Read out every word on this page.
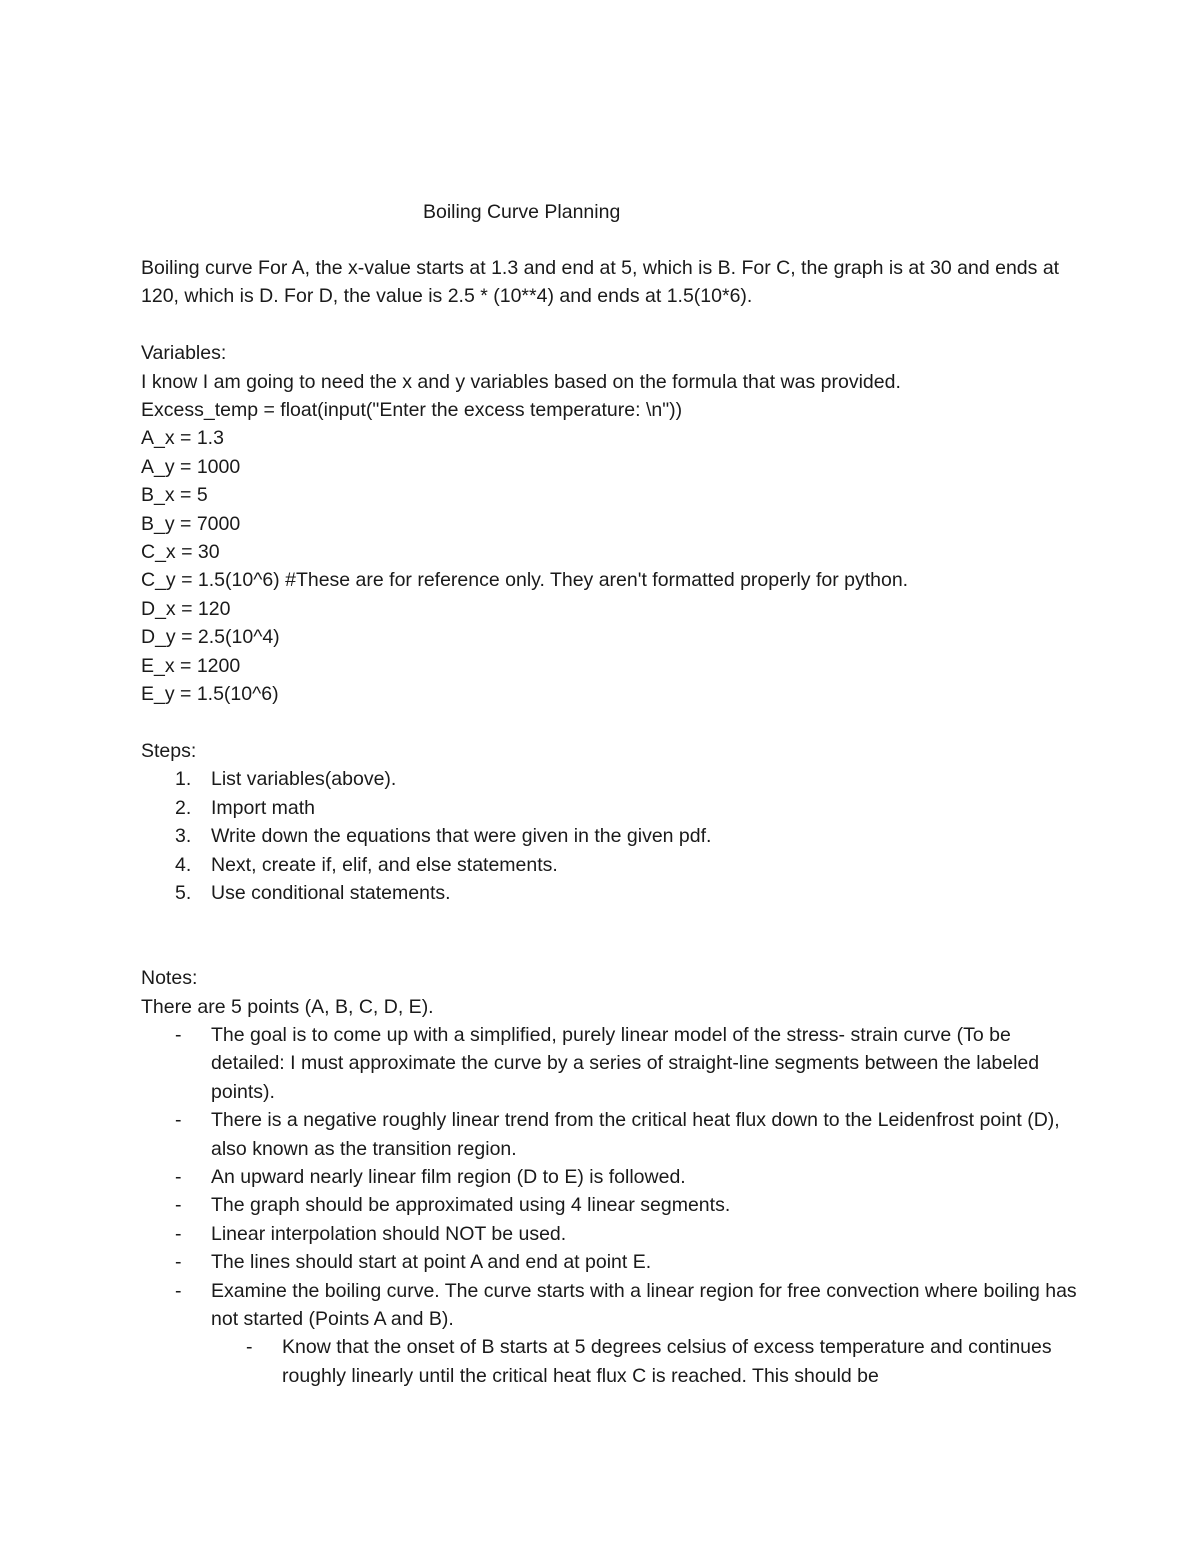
Boiling Curve Planning

Boiling curve For A, the x-value starts at 1.3 and end at 5, which is B. For C, the graph is at 30 and ends at 120, which is D. For D, the value is 2.5 * (10**4) and ends at 1.5(10*6).

Variables:

I know I am going to need the x and y variables based on the formula that was provided.
Excess_temp = float(input("Enter the excess temperature: \n"))
A_x = 1.3
A_y = 1000
B_x = 5
B_y = 7000
C_x = 30
C_y = 1.5(10^6) #These are for reference only. They aren't formatted properly for python.
D_x = 120
D_y = 2.5(10^4)
E_x = 1200
E_y = 1.5(10^6)

Steps:

1. List variables(above).
2. Import math
3. Write down the equations that were given in the given pdf.
4. Next, create if, elif, and else statements.
5. Use conditional statements.

Notes:

There are 5 points (A, B, C, D, E).

- The goal is to come up with a simplified, purely linear model of the stress- strain curve (To be detailed: I must approximate the curve by a series of straight-line segments between the labeled points).
- There is a negative roughly linear trend from the critical heat flux down to the Leidenfrost point (D), also known as the transition region.
- An upward nearly linear film region (D to E) is followed.
- The graph should be approximated using 4 linear segments.
- Linear interpolation should NOT be used.
- The lines should start at point A and end at point E.
- Examine the boiling curve. The curve starts with a linear region for free convection where boiling has not started (Points A and B).
- Know that the onset of B starts at 5 degrees celsius of excess temperature and continues roughly linearly until the critical heat flux C is reached. This should be
